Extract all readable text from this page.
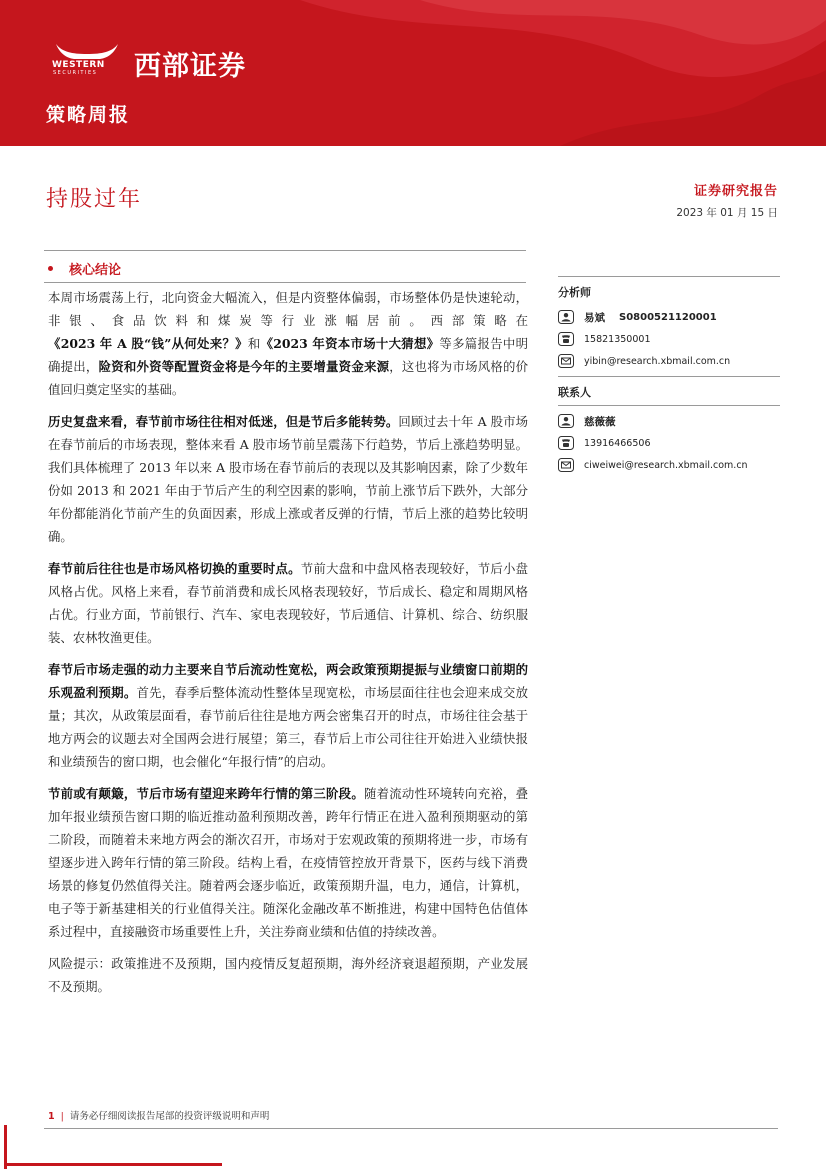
WESTERN
SECURITIES 西部证券
策略周报
持股过年	证券研究报告
2023 年 01 月 15 日
核心结论

本周市场震荡上行，北向资金大幅流入，但是内资整体偏弱，市场整体仍是快速轮动，非银、食品饮料和煤炭等行业涨幅居前。西部策略在《2023 年 A 股“钱”从何处来？》和《2023 年资本市场十大猜想》等多篇报告中明确提出，险资和外资等配置资金将是今年的主要增量资金来源，这也将为市场风格的价值回归奠定坚实的基础。

历史复盘来看，春节前市场往往相对低迷，但是节后多能转势。回顾过去十年 A 股市场在春节前后的市场表现，整体来看 A 股市场节前呈震荡下行趋势，节后上涨趋势明显。我们具体梳理了 2013 年以来 A 股市场在春节前后的表现以及其影响因素，除了少数年份如 2013 和 2021 年由于节后产生的利空因素的影响，节前上涨节后下跌外，大部分年份都能消化节前产生的负面因素，形成上涨或者反弹的行情，节后上涨的趋势比较明确。

春节前后往往也是市场风格切换的重要时点。节前大盘和中盘风格表现较好，节后小盘风格占优。风格上来看，春节前消费和成长风格表现较好，节后成长、稳定和周期风格占优。行业方面，节前银行、汽车、家电表现较好，节后通信、计算机、综合、纺织服装、农林牧渔更佳。

春节后市场走强的动力主要来自节后流动性宽松，两会政策预期提振与业绩窗口前期的乐观盈利预期。首先，春季后整体流动性整体呈现宽松，市场层面往往也会迎来成交放量；其次，从政策层面看，春节前后往往是地方两会密集召开的时点，市场往往会基于地方两会的议题去对全国两会进行展望；第三，春节后上市公司往往开始进入业绩快报和业绩预告的窗口期，也会催化“年报行情”的启动。

节前或有颠簸，节后市场有望迎来跨年行情的第三阶段。随着流动性环境转向充裕，叠加年报业绩预告窗口期的临近推动盈利预期改善，跨年行情正在进入盈利预期驱动的第二阶段，而随着未来地方两会的渐次召开，市场对于宏观政策的预期将进一步，市场有望逐步进入跨年行情的第三阶段。结构上看，在疫情管控放开背景下，医药与线下消费场景的修复仍然值得关注。随着两会逐步临近，政策预期升温，电力，通信，计算机，电子等于新基建相关的行业值得关注。随深化金融改革不断推进，构建中国特色估值体系过程中，直接融资市场重要性上升，关注券商业绩和估值的持续改善。

风险提示：政策推进不及预期，国内疫情反复超预期，海外经济衰退超预期，产业发展不及预期。

分析师
易斌 S0800521120001
15821350001
yibin@research.xbmail.com.cn
联系人
慈薇薇
13916466506
ciweiwei@research.xbmail.com.cn
1 | 请务必仔细阅读报告尾部的投资评级说明和声明
